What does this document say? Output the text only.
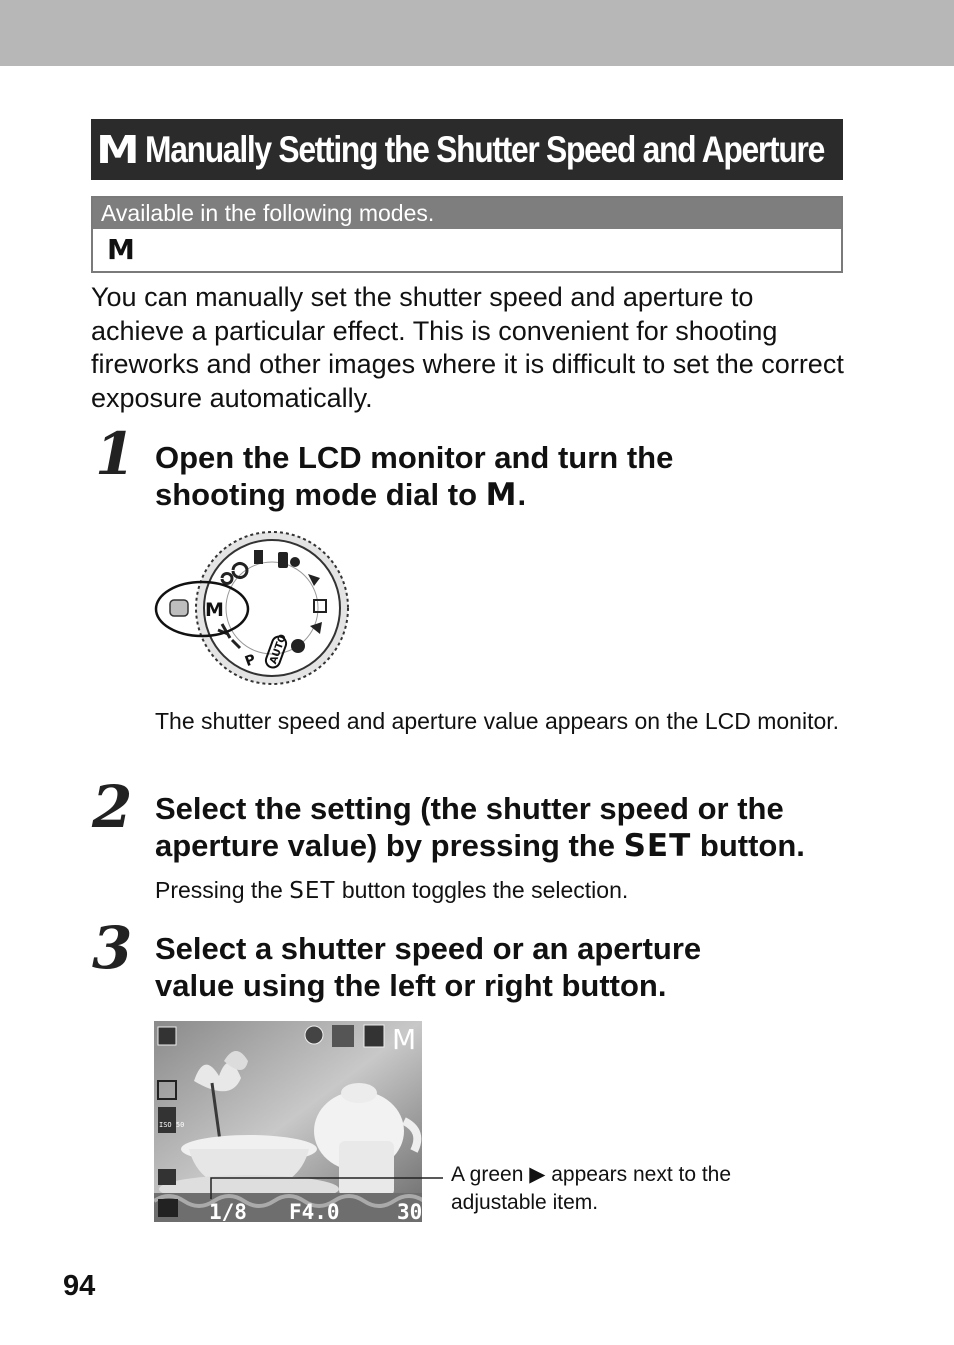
M Manually Setting the Shutter Speed and Aperture
Available in the following modes.
M

You can manually set the shutter speed and aperture to achieve a particular effect. This is convenient for shooting fireworks and other images where it is difficult to set the correct exposure automatically.

1 Open the LCD monitor and turn the
shooting mode dial to M.
P AUTO
M

The shutter speed and aperture value appears on the LCD monitor.

2 Select the setting (the shutter speed or the
aperture value) by pressing the SET button.

Pressing the SET button toggles the selection.

3 Select a shutter speed or an aperture
value using the left or right button.
ISO 50
M
1/8 F4.0	30
A green ▶ appears next to the
adjustable item.
94
